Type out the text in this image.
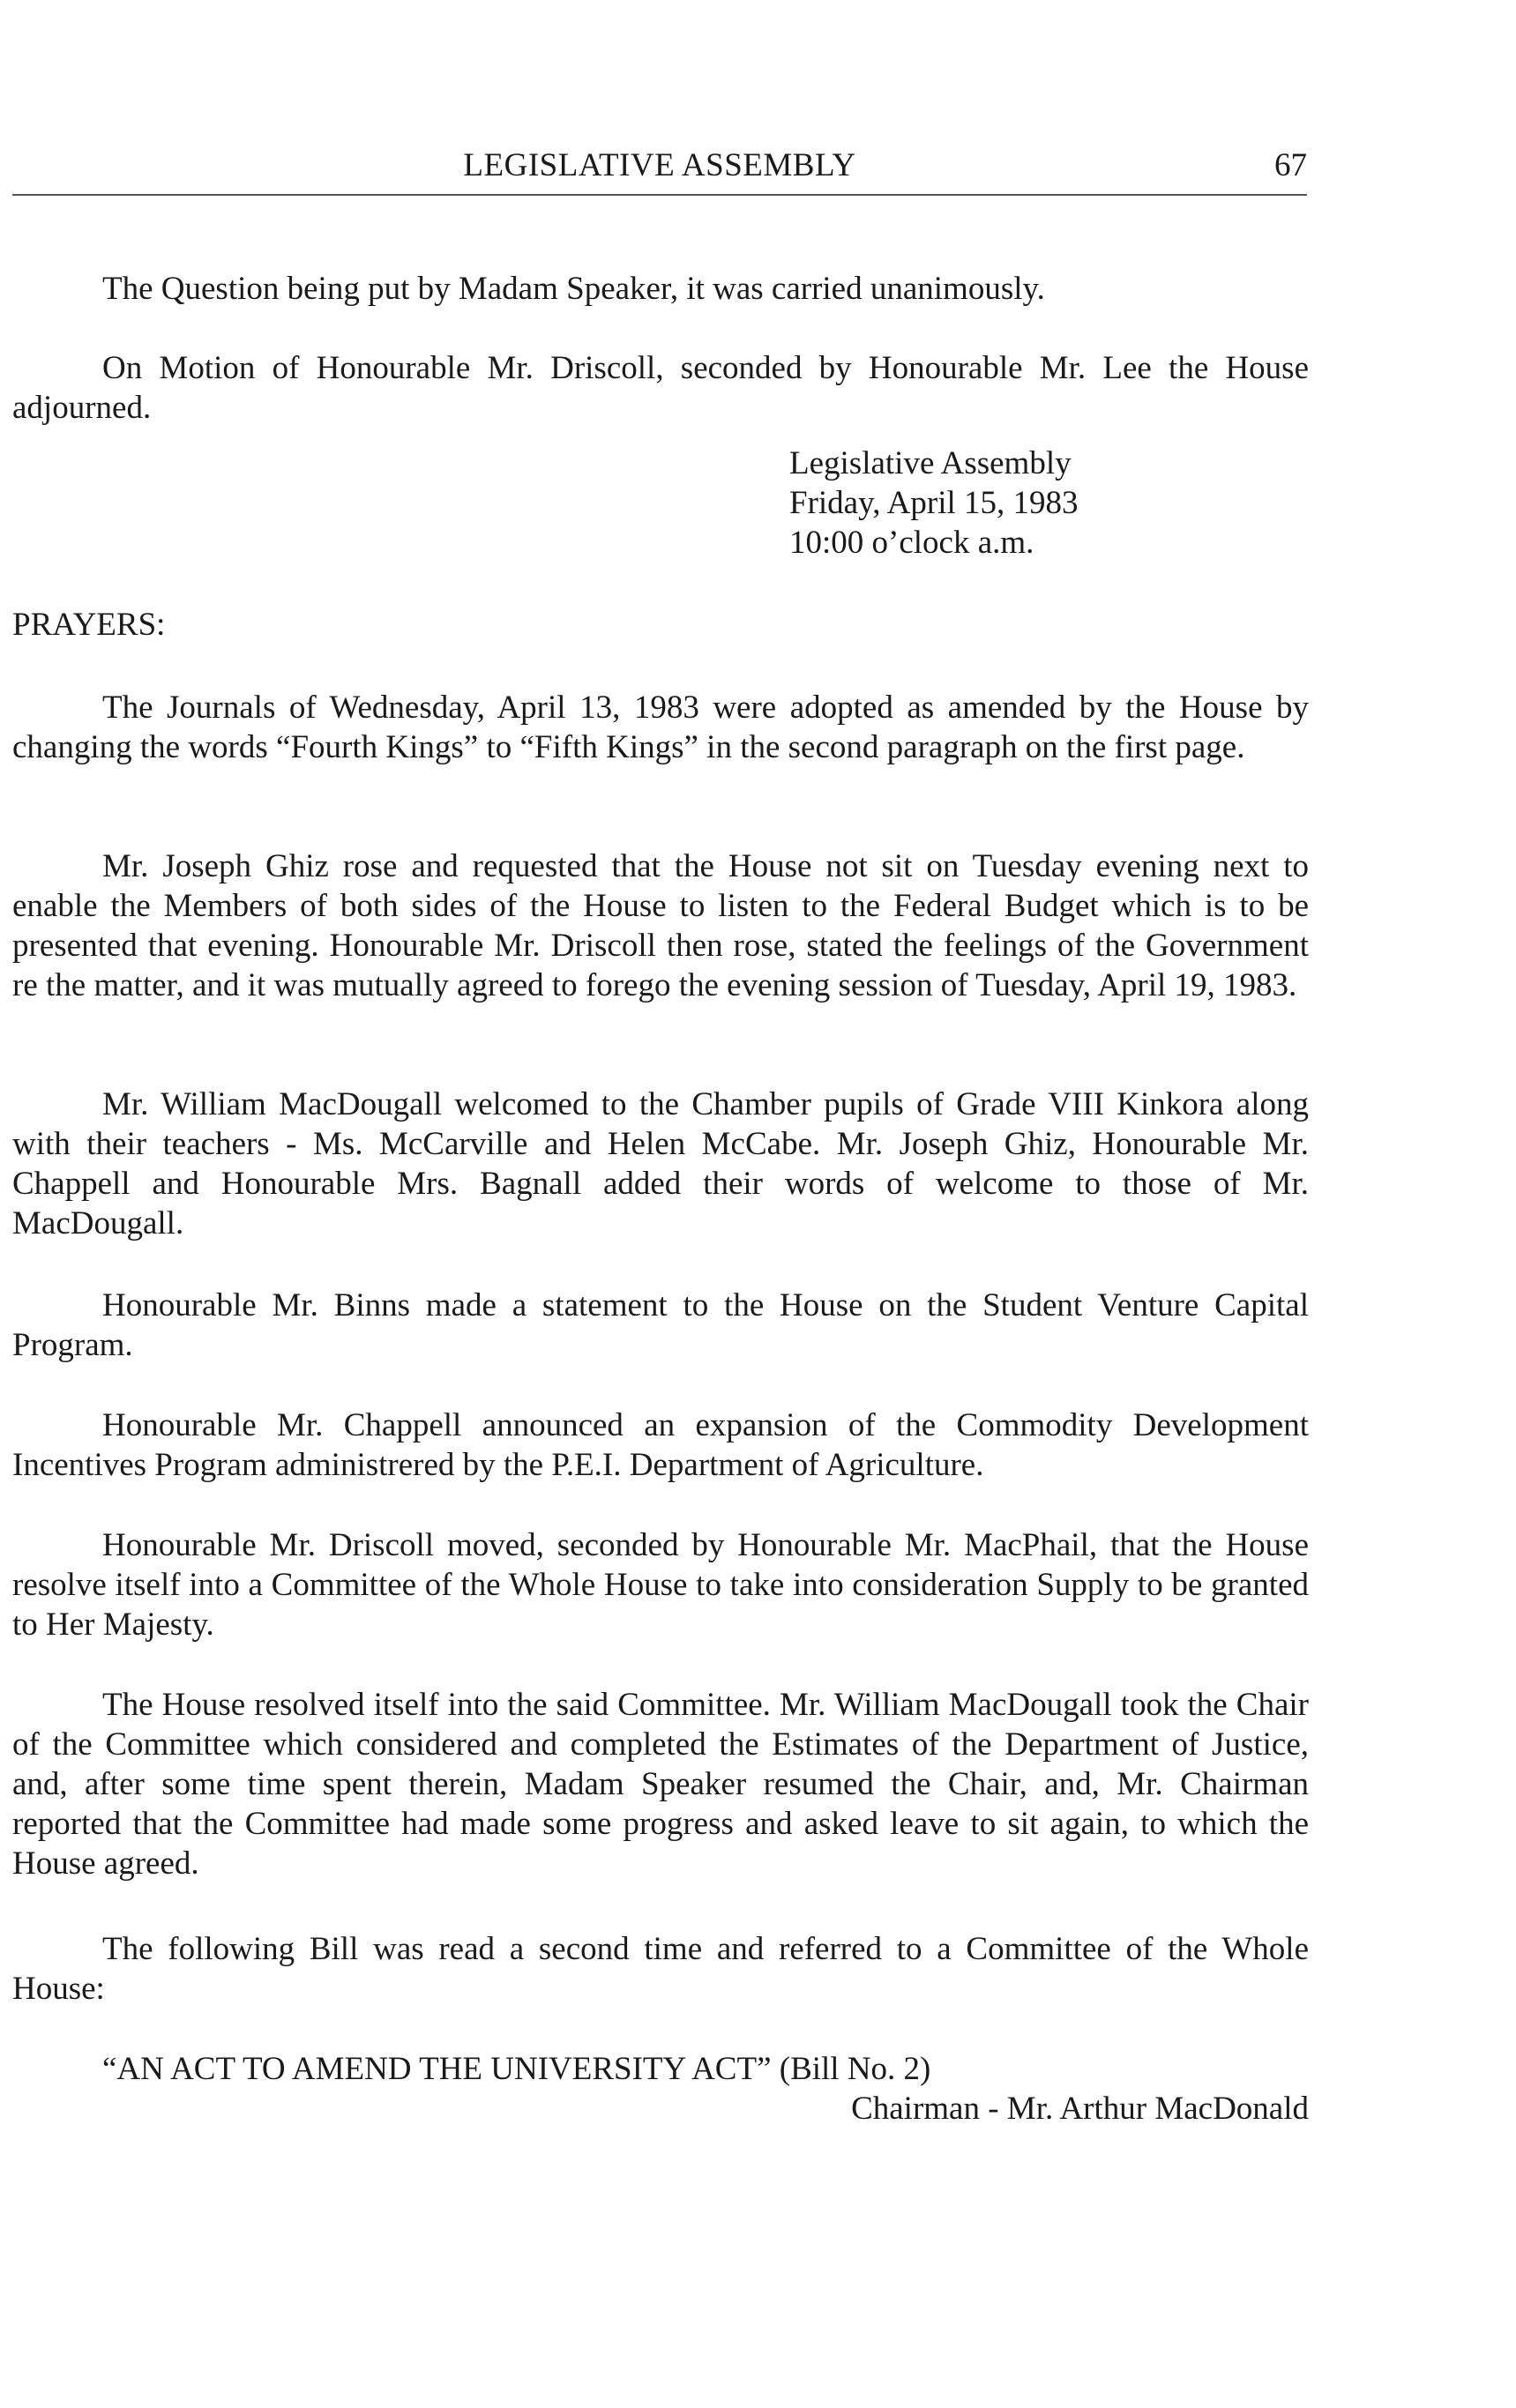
LEGISLATIVE ASSEMBLY	67

The Question being put by Madam Speaker, it was carried unanimously.

On Motion of Honourable Mr. Driscoll, seconded by Honourable Mr. Lee the House adjourned.

Legislative Assembly
Friday, April 15, 1983
10:00 o’clock a.m.
PRAYERS:

The Journals of Wednesday, April 13, 1983 were adopted as amended by the House by changing the words “Fourth Kings” to “Fifth Kings” in the second paragraph on the first page.

Mr. Joseph Ghiz rose and requested that the House not sit on Tuesday evening next to enable the Members of both sides of the House to listen to the Federal Budget which is to be presented that evening. Honourable Mr. Driscoll then rose, stated the feelings of the Government re the matter, and it was mutually agreed to forego the evening session of Tuesday, April 19, 1983.

Mr. William MacDougall welcomed to the Chamber pupils of Grade VIII Kinkora along with their teachers - Ms. McCarville and Helen McCabe. Mr. Joseph Ghiz, Honourable Mr. Chappell and Honourable Mrs. Bagnall added their words of welcome to those of Mr. MacDougall.

Honourable Mr. Binns made a statement to the House on the Student Venture Capital Program.

Honourable Mr. Chappell announced an expansion of the Commodity Development Incentives Program administrered by the P.E.I. Department of Agriculture.

Honourable Mr. Driscoll moved, seconded by Honourable Mr. MacPhail, that the House resolve itself into a Committee of the Whole House to take into consideration Supply to be granted to Her Majesty.

The House resolved itself into the said Committee. Mr. William MacDougall took the Chair of the Committee which considered and completed the Estimates of the Department of Justice, and, after some time spent therein, Madam Speaker resumed the Chair, and, Mr. Chairman reported that the Committee had made some progress and asked leave to sit again, to which the House agreed.

The following Bill was read a second time and referred to a Committee of the Whole House:

“AN ACT TO AMEND THE UNIVERSITY ACT” (Bill No. 2)
Chairman - Mr. Arthur MacDonald
